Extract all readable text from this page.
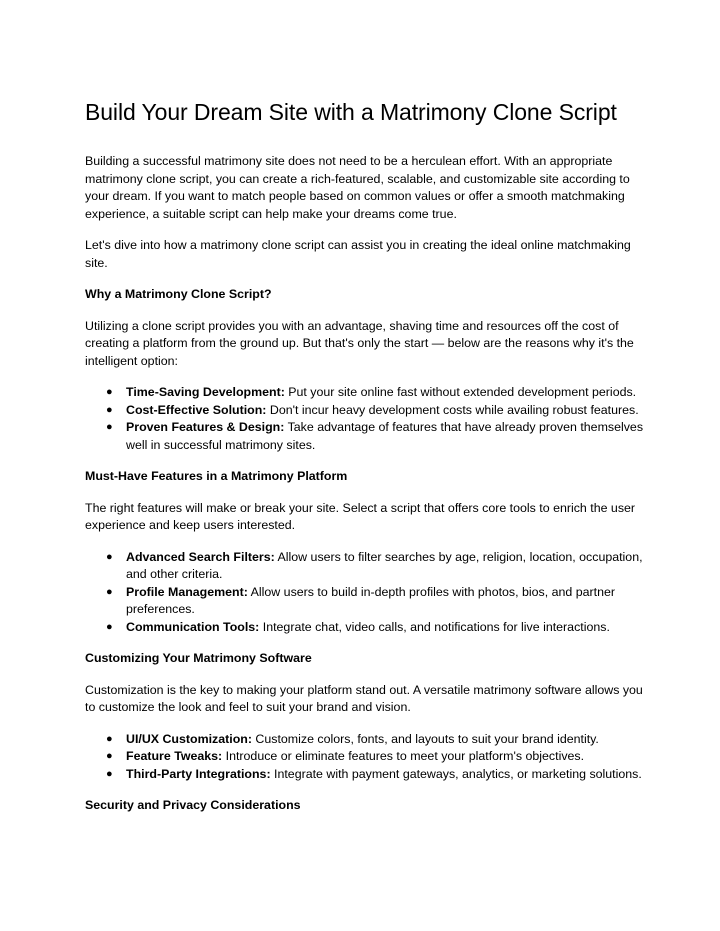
Build Your Dream Site with a Matrimony Clone Script

Building a successful matrimony site does not need to be a herculean effort. With an appropriate matrimony clone script, you can create a rich-featured, scalable, and customizable site according to your dream. If you want to match people based on common values or offer a smooth matchmaking experience, a suitable script can help make your dreams come true.

Let's dive into how a matrimony clone script can assist you in creating the ideal online matchmaking site.

Why a Matrimony Clone Script?

Utilizing a clone script provides you with an advantage, shaving time and resources off the cost of creating a platform from the ground up. But that's only the start — below are the reasons why it's the intelligent option:

● Time-Saving Development: Put your site online fast without extended development periods.
● Cost-Effective Solution: Don't incur heavy development costs while availing robust features.
● Proven Features & Design: Take advantage of features that have already proven themselves well in successful matrimony sites.
Must-Have Features in a Matrimony Platform

The right features will make or break your site. Select a script that offers core tools to enrich the user experience and keep users interested.

● Advanced Search Filters: Allow users to filter searches by age, religion, location, occupation, and other criteria.
● Profile Management: Allow users to build in-depth profiles with photos, bios, and partner preferences.
● Communication Tools: Integrate chat, video calls, and notifications for live interactions.
Customizing Your Matrimony Software

Customization is the key to making your platform stand out. A versatile matrimony software allows you to customize the look and feel to suit your brand and vision.

● UI/UX Customization: Customize colors, fonts, and layouts to suit your brand identity.
● Feature Tweaks: Introduce or eliminate features to meet your platform's objectives.
● Third-Party Integrations: Integrate with payment gateways, analytics, or marketing solutions.
Security and Privacy Considerations
